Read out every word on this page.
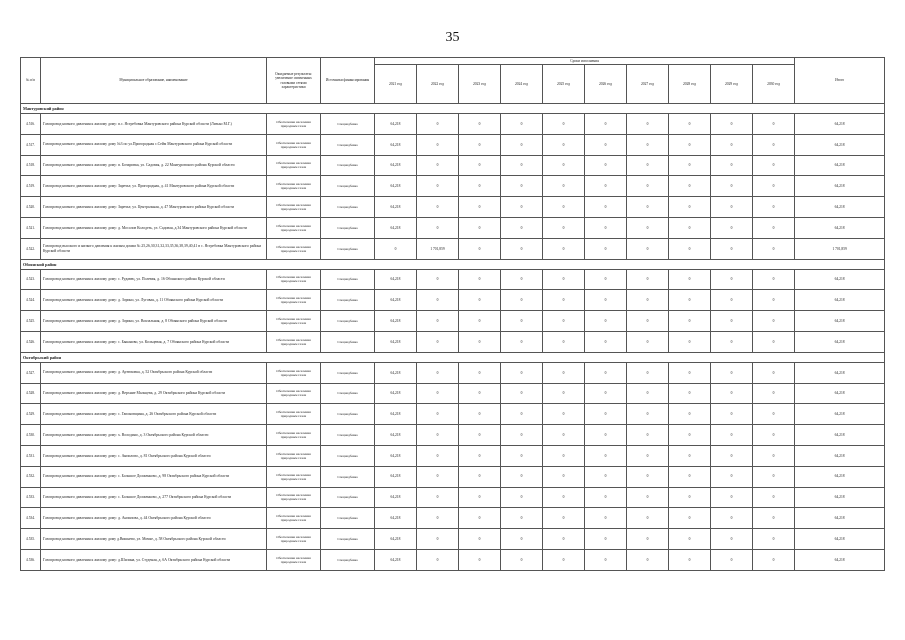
35
№ п/п	Муниципальное образование, наименование	Ожидаемые результаты: увеличение охваченных газовыми сетями характеристики	Источники финансирования	Сроки исполнения										Итого
				2021 год	2022 год	2023 год	2024 год	2025 год	2026 год	2027 год	2028 год	2029 год	2030 год	
Мантуровский район														
4.516.	Газопровод низкого давления к жилому дому: п.с. Ястребовка Мантуровского района Курской области (Лизько М.Г.)	Обеспечение населения природным газом	Спецнадбавка	64,218	0	0	0	0	0	0	0	0	0	64,218
4.517.	Газопровод низкого давления к жилому дому №3 по ул.Пригородная с.Сейм Мантуровского района Курской области	Обеспечение населения природным газом	Спецнадбавка	64,218	0	0	0	0	0	0	0	0	0	64,218
4.518.	Газопровод низкого давления к жилому дому: п. Бочаровка, ул. Садовая, д. 22 Мантуровского района Курской области	Обеспечение населения природным газом	Спецнадбавка	64,218	0	0	0	0	0	0	0	0	0	64,218
4.519.	Газопровод низкого давления к жилому дому: Заречье, ул. Пригородная, д. 41 Мантуровского района Курской области	Обеспечение населения природным газом	Спецнадбавка	64,218	0	0	0	0	0	0	0	0	0	64,218
4.520.	Газопровод низкого давления к жилому дому: Заречье, ул. Центральная, д. 47 Мантуровского района Курской области	Обеспечение населения природным газом	Спецнадбавка	64,218	0	0	0	0	0	0	0	0	0	64,218
4.521.	Газопровод низкого давления к жилому дому: д. Мосолов Колодезь, ул. Садовая, д.34 Мантуровского района Курской области	Обеспечение населения природным газом	Спецнадбавка	64,218	0	0	0	0	0	0	0	0	0	64,218
4.522.	Газопровод высокого и низкого давления к жилым домам № 25,26,30,31,32,33,35,36,38,39,40,41 в с. Ястребовка Мантуровского района Курской области	Обеспечение населения природным газом	Спецнадбавка	0	1 701,859	0	0	0	0	0	0	0	0	1 701,859
Обоянский район														
4.523.	Газопровод низкого давления к жилому дому: с. Рудавец, ул. Полевая, д. 16 Обоянского района Курской области	Обеспечение населения природным газом	Спецнадбавка	64,218	0	0	0	0	0	0	0	0	0	64,218
4.524.	Газопровод низкого давления к жилому дому: д. Зорино, ул. Луговая, д. 11 Обоянского района Курской области	Обеспечение населения природным газом	Спецнадбавка	64,218	0	0	0	0	0	0	0	0	0	64,218
4.525.	Газопровод низкого давления к жилому дому: д. Зорино, ул. Вокзальная, д. 8 Обоянского района Курской области	Обеспечение населения природным газом	Спецнадбавка	64,218	0	0	0	0	0	0	0	0	0	64,218
4.526.	Газопровод низкого давления к жилому дому: с. Быканово, ул. Кольцевая, д. 7 Обоянского района Курской области	Обеспечение населения природным газом	Спецнадбавка	64,218	0	0	0	0	0	0	0	0	0	64,218
Октябрьский район														
4.527.	Газопровод низкого давления к жилому дому: д. Артюховка, д. 52 Октябрьского района Курской области	Обеспечение населения природным газом	Спецнадбавка	64,218	0	0	0	0	0	0	0	0	0	64,218
4.528.	Газопровод низкого давления к жилому дому: д. Верхние Мальцева, д. 29 Октябрьского района Курской области	Обеспечение населения природным газом	Спецнадбавка	64,218	0	0	0	0	0	0	0	0	0	64,218
4.529.	Газопровод низкого давления к жилому дому: с. Гапоновщина, д. 26 Октябрьского района Курской области	Обеспечение населения природным газом	Спецнадбавка	64,218	0	0	0	0	0	0	0	0	0	64,218
4.530.	Газопровод низкого давления к жилому дому: х. Володино, д. 3 Октябрьского района Курской области	Обеспечение населения природным газом	Спецнадбавка	64,218	0	0	0	0	0	0	0	0	0	64,218
4.531.	Газопровод низкого давления к жилому дому: с. Анпилово, д. 81 Октябрьского района Курской области	Обеспечение населения природным газом	Спецнадбавка	64,218	0	0	0	0	0	0	0	0	0	64,218
4.532.	Газопровод низкого давления к жилому дому: с. Большое Долженково, д. 98 Октябрьского района Курской области	Обеспечение населения природным газом	Спецнадбавка	64,218	0	0	0	0	0	0	0	0	0	64,218
4.533.	Газопровод низкого давления к жилому дому: с. Большое Долженково, д. 277 Октябрьского района Курской области	Обеспечение населения природным газом	Спецнадбавка	64,218	0	0	0	0	0	0	0	0	0	64,218
4.534.	Газопровод низкого давления к жилому дому: д. Анпилова, д. 44 Октябрьского района Курской области	Обеспечение населения природным газом	Спецнадбавка	64,218	0	0	0	0	0	0	0	0	0	64,218
4.535.	Газопровод низкого давления к жилому дому д.Вишнево, ул. Мичке, д. 58 Октябрьского района Курской области	Обеспечение населения природным газом	Спецнадбавка	64,218	0	0	0	0	0	0	0	0	0	64,218
4.536.	Газопровод низкого давления к жилому дому: д.Шилина, ул. Студеная, д. 6А Октябрьского района Курской области	Обеспечение населения природным газом	Спецнадбавка	64,218	0	0	0	0	0	0	0	0	0	64,218
